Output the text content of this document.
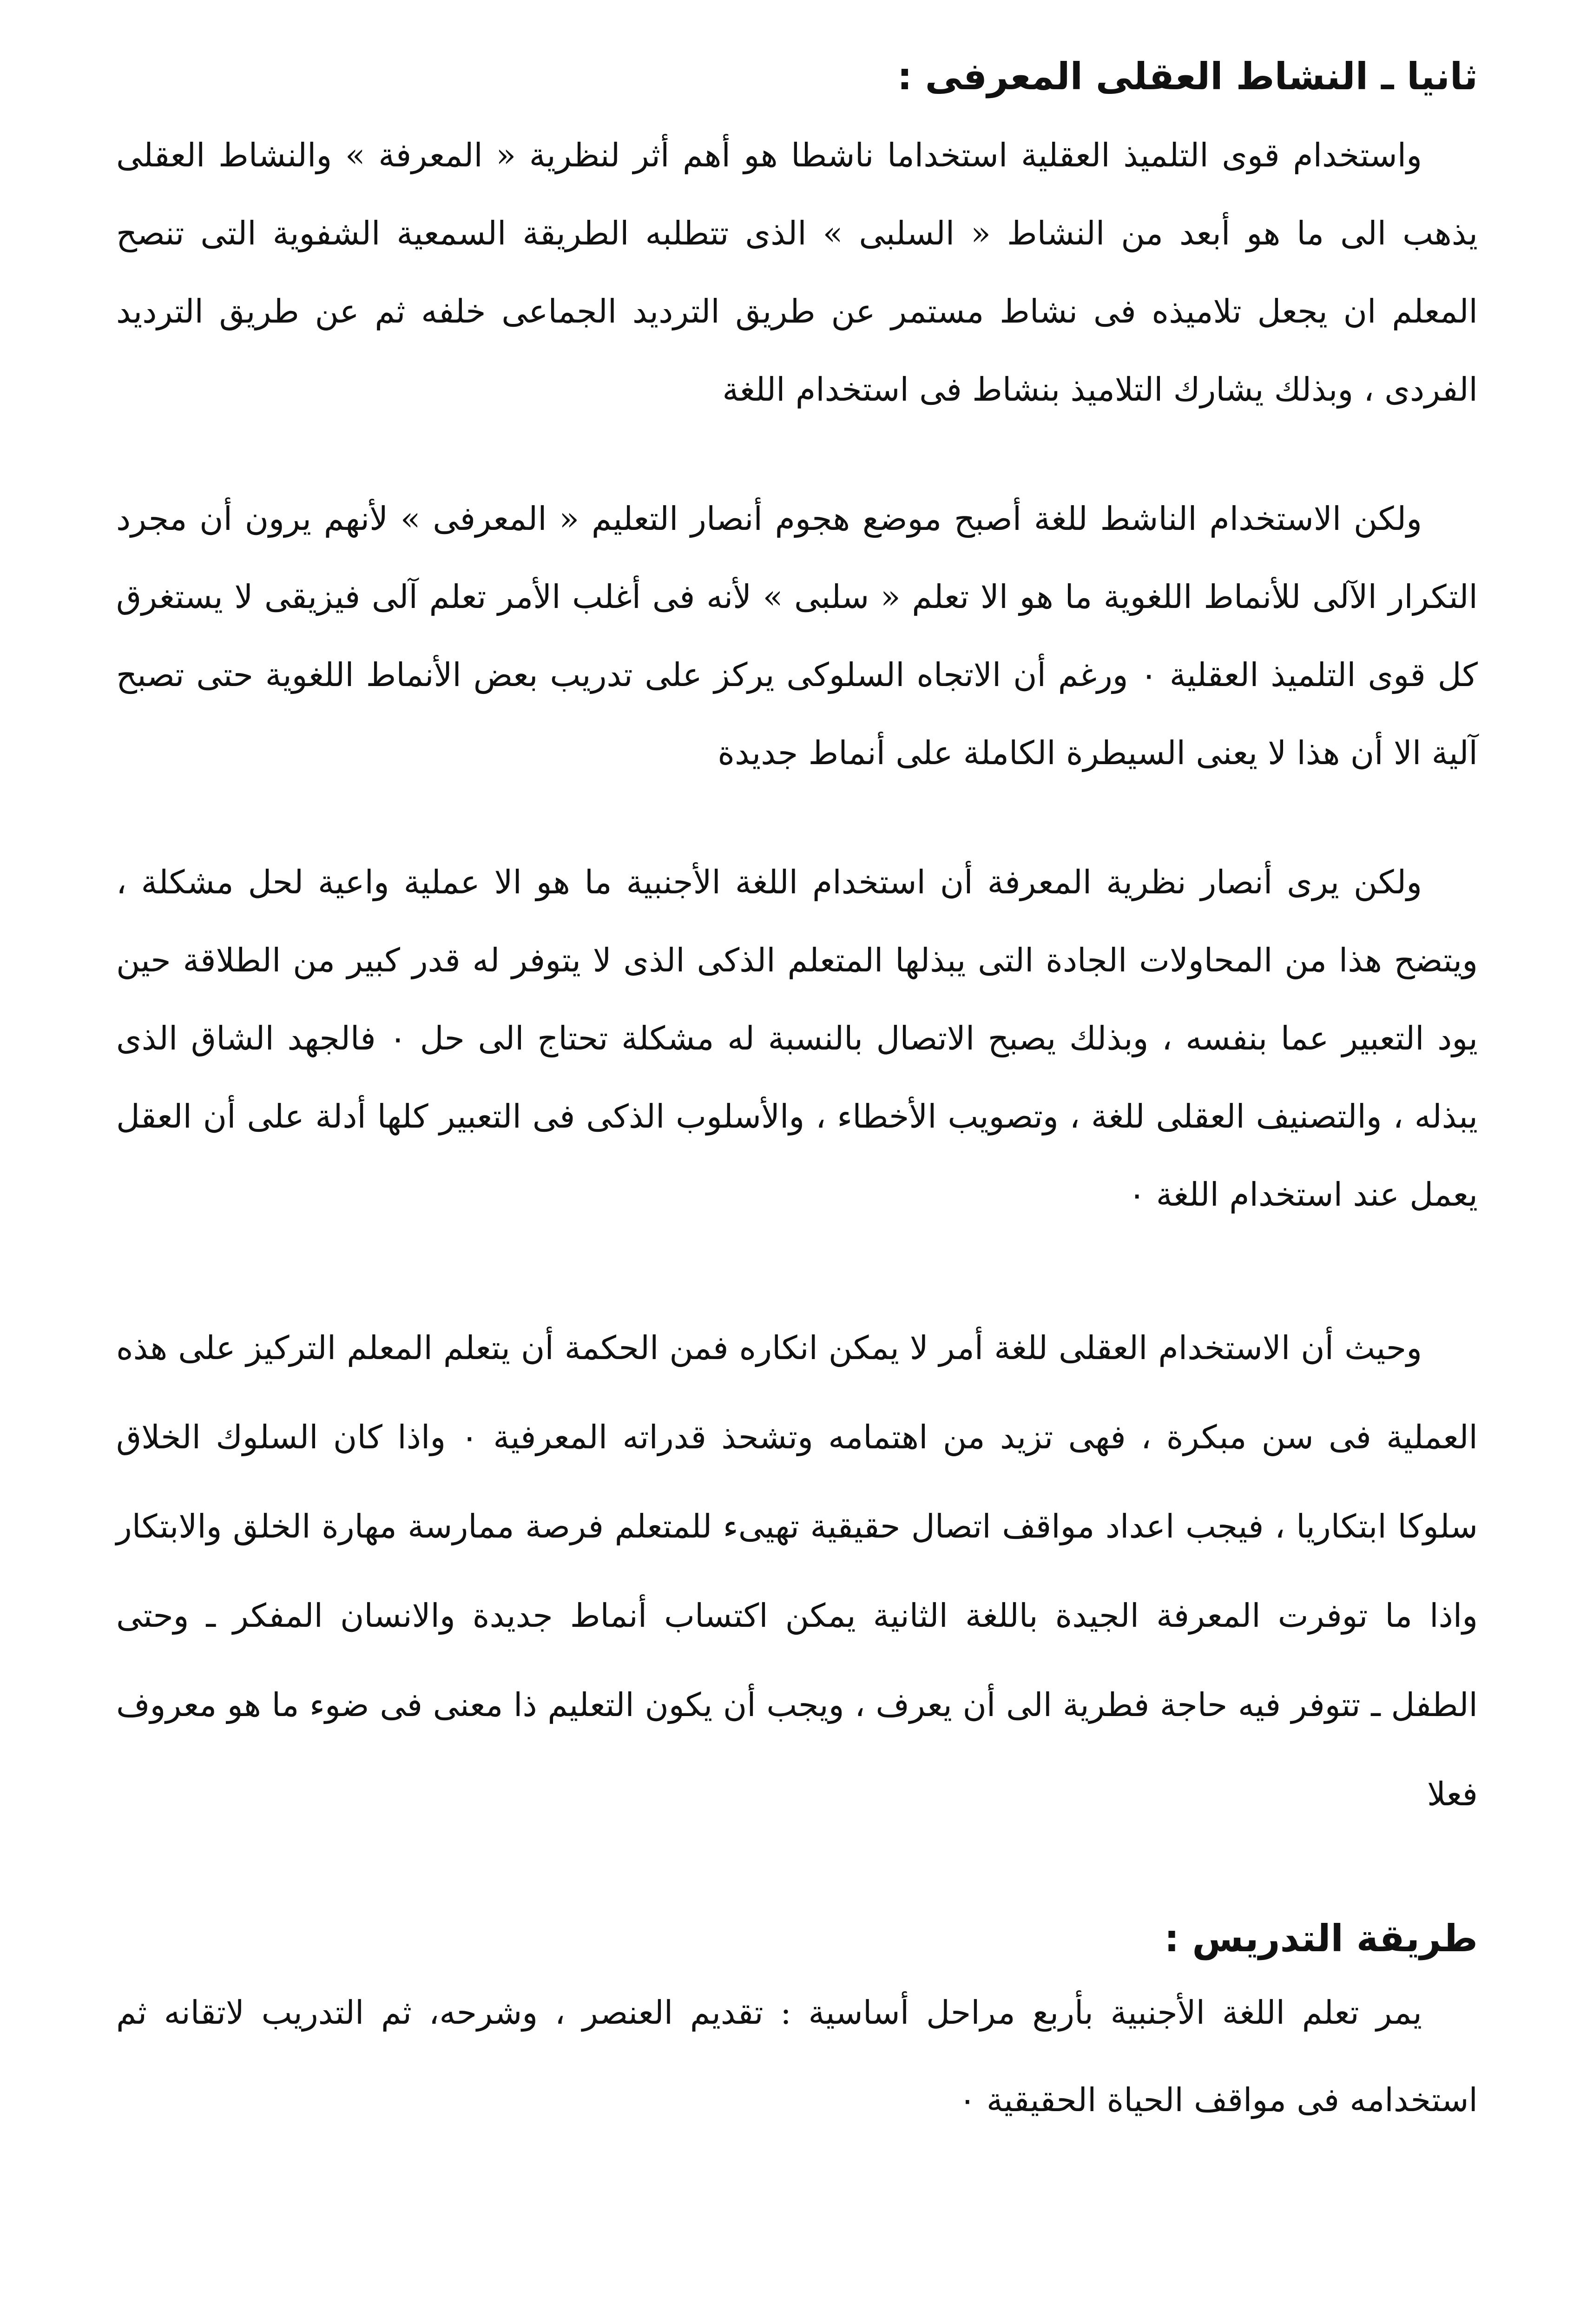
ثانيا ـ النشاط العقلى المعرفى :

واستخدام قوى التلميذ العقلية استخداما ناشطا هو أهم أثر لنظرية « المعرفة » والنشاط العقلى يذهب الى ما هو أبعد من النشاط « السلبى » الذى تتطلبه الطريقة السمعية الشفوية التى تنصح المعلم ان يجعل تلاميذه فى نشاط مستمر عن طريق الترديد الجماعى خلفه ثم عن طريق الترديد الفردى ، وبذلك يشارك التلاميذ بنشاط فى استخدام اللغة

ولكن الاستخدام الناشط للغة أصبح موضع هجوم أنصار التعليم « المعرفى » لأنهم يرون أن مجرد التكرار الآلى للأنماط اللغوية ما هو الا تعلم « سلبى » لأنه فى أغلب الأمر تعلم آلى فيزيقى لا يستغرق كل قوى التلميذ العقلية ٠ ورغم أن الاتجاه السلوكى يركز على تدريب بعض الأنماط اللغوية حتى تصبح آلية الا أن هذا لا يعنى السيطرة الكاملة على أنماط جديدة

ولكن يرى أنصار نظرية المعرفة أن استخدام اللغة الأجنبية ما هو الا عملية واعية لحل مشكلة ، ويتضح هذا من المحاولات الجادة التى يبذلها المتعلم الذكى الذى لا يتوفر له قدر كبير من الطلاقة حين يود التعبير عما بنفسه ، وبذلك يصبح الاتصال بالنسبة له مشكلة تحتاج الى حل ٠ فالجهد الشاق الذى يبذله ، والتصنيف العقلى للغة ، وتصويب الأخطاء ، والأسلوب الذكى فى التعبير كلها أدلة على أن العقل يعمل عند استخدام اللغة ٠

وحيث أن الاستخدام العقلى للغة أمر لا يمكن انكاره فمن الحكمة أن يتعلم المعلم التركيز على هذه العملية فى سن مبكرة ، فهى تزيد من اهتمامه وتشحذ قدراته المعرفية ٠ واذا كان السلوك الخلاق سلوكا ابتكاريا ، فيجب اعداد مواقف اتصال حقيقية تهيىء للمتعلم فرصة ممارسة مهارة الخلق والابتكار واذا ما توفرت المعرفة الجيدة باللغة الثانية يمكن اكتساب أنماط جديدة والانسان المفكر ـ وحتى الطفل ـ تتوفر فيه حاجة فطرية الى أن يعرف ، ويجب أن يكون التعليم ذا معنى فى ضوء ما هو معروف فعلا

طريقة التدريس :

يمر تعلم اللغة الأجنبية بأربع مراحل أساسية : تقديم العنصر ، وشرحه، ثم التدريب لاتقانه ثم استخدامه فى مواقف الحياة الحقيقية ٠
